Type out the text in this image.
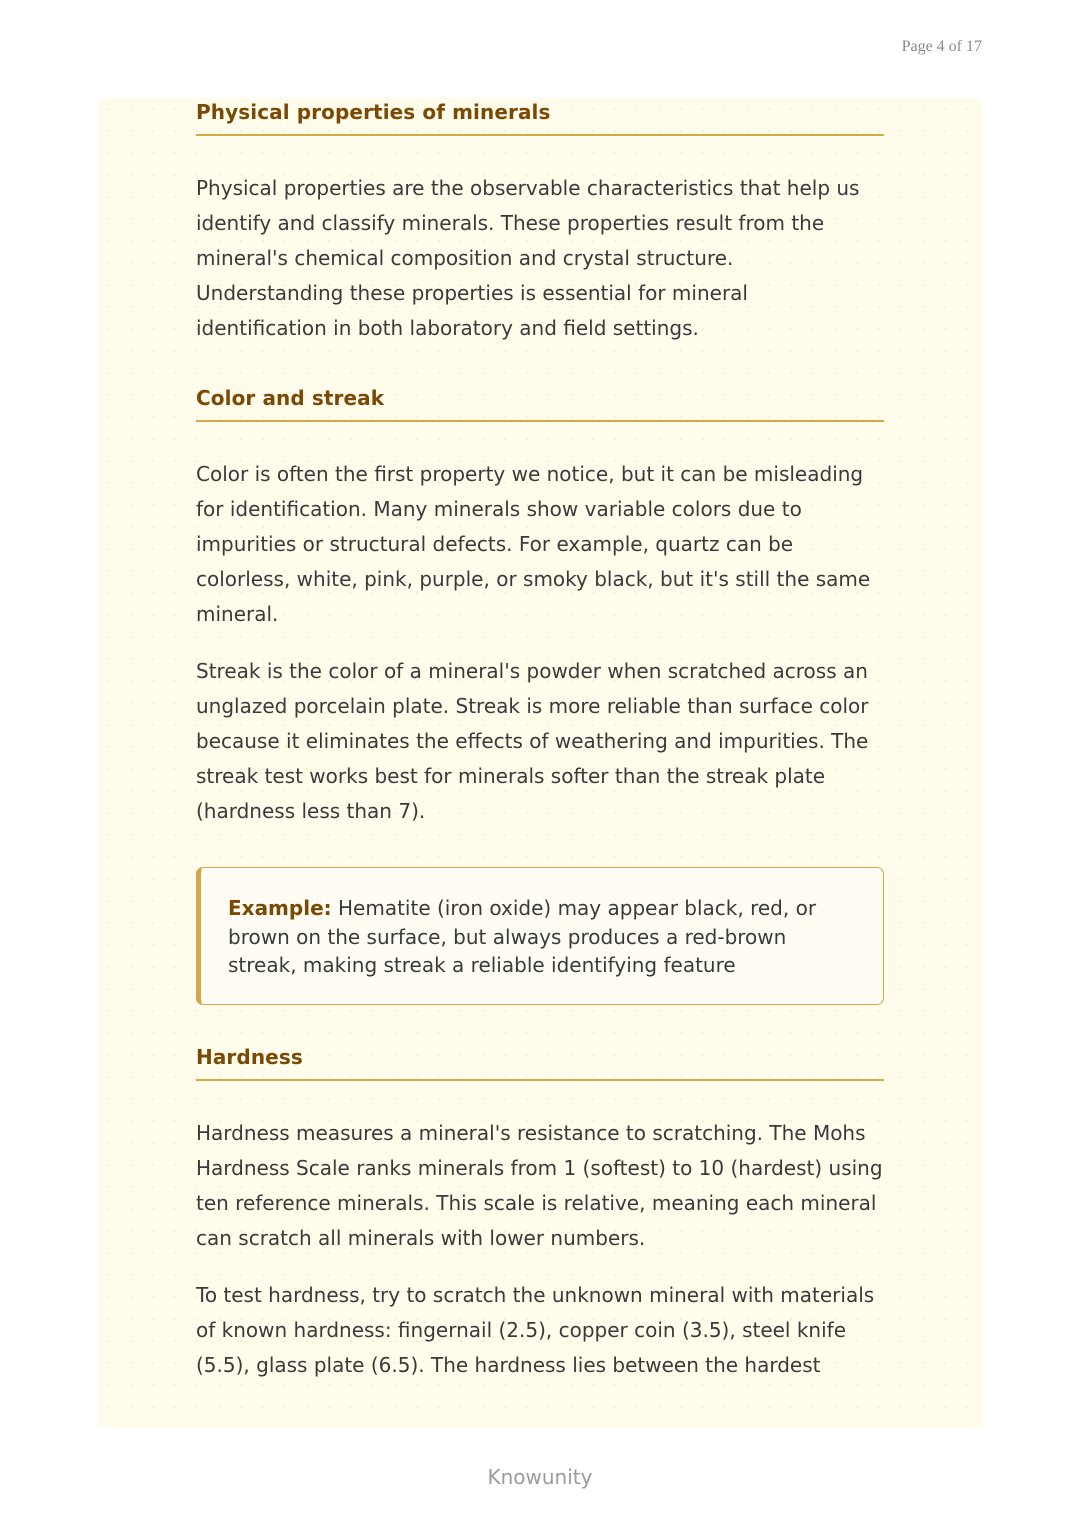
Page 4 of 17
Physical properties of minerals

Physical properties are the observable characteristics that help us identify and classify minerals. These properties result from the mineral's chemical composition and crystal structure. Understanding these properties is essential for mineral identification in both laboratory and field settings.

Color and streak

Color is often the first property we notice, but it can be misleading for identification. Many minerals show variable colors due to impurities or structural defects. For example, quartz can be colorless, white, pink, purple, or smoky black, but it's still the same mineral.

Streak is the color of a mineral's powder when scratched across an unglazed porcelain plate. Streak is more reliable than surface color because it eliminates the effects of weathering and impurities. The streak test works best for minerals softer than the streak plate (hardness less than 7).

Example: Hematite (iron oxide) may appear black, red, or brown on the surface, but always produces a red-brown streak, making streak a reliable identifying feature
Hardness

Hardness measures a mineral's resistance to scratching. The Mohs Hardness Scale ranks minerals from 1 (softest) to 10 (hardest) using ten reference minerals. This scale is relative, meaning each mineral can scratch all minerals with lower numbers.

To test hardness, try to scratch the unknown mineral with materials of known hardness: fingernail (2.5), copper coin (3.5), steel knife (5.5), glass plate (6.5). The hardness lies between the hardest

Knowunity
